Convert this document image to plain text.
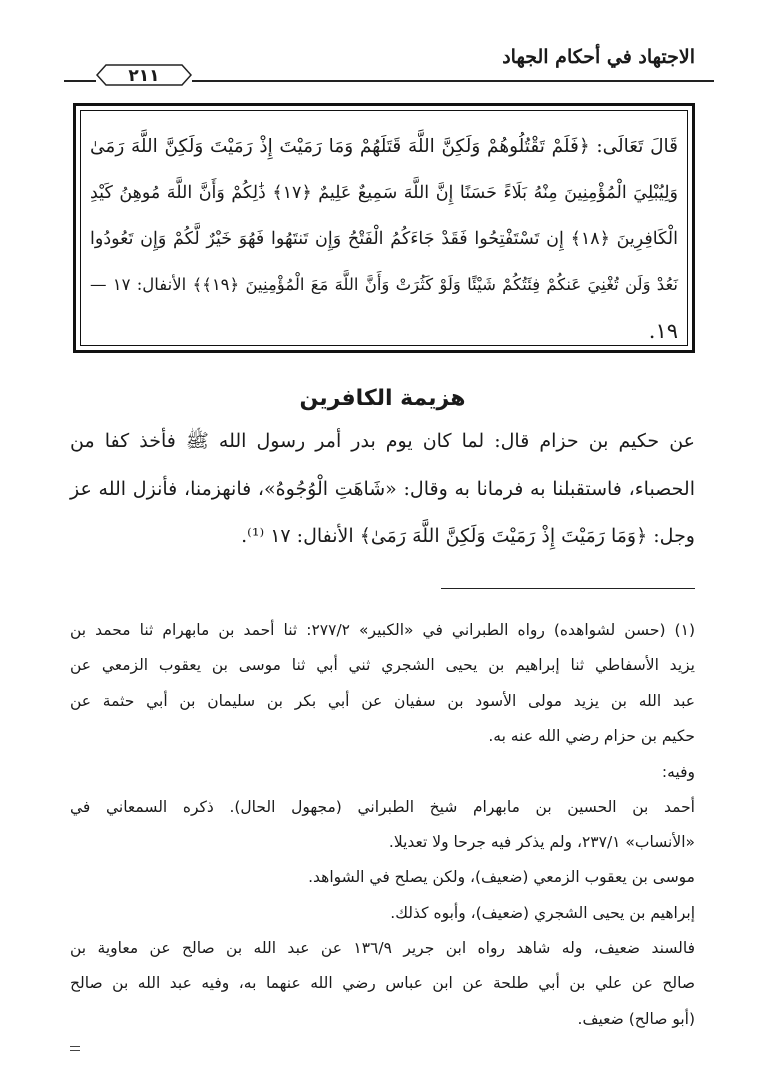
الاجتهاد في أحكام الجهاد
٢١١
قَالَ تَعَالَى: ﴿فَلَمْ تَقْتُلُوهُمْ وَلَكِنَّ اللَّهَ قَتَلَهُمْ وَمَا رَمَيْتَ إِذْ رَمَيْتَ وَلَكِنَّ اللَّهَ رَمَىٰ
وَلِيُبْلِيَ الْمُؤْمِنِينَ مِنْهُ بَلَاءً حَسَنًا إِنَّ اللَّهَ سَمِيعٌ عَلِيمٌ ﴿١٧﴾ ذَٰلِكُمْ وَأَنَّ اللَّهَ مُوهِنُ كَيْدِ
الْكَافِرِينَ ﴿١٨﴾ إِن تَسْتَفْتِحُوا فَقَدْ جَاءَكُمُ الْفَتْحُ وَإِن تَنتَهُوا فَهُوَ خَيْرٌ لَّكُمْ وَإِن تَعُودُوا
نَعُدْ وَلَن تُغْنِيَ عَنكُمْ فِئَتُكُمْ شَيْئًا وَلَوْ كَثُرَتْ وَأَنَّ اللَّهَ مَعَ الْمُؤْمِنِينَ ﴿١٩﴾﴾ الأنفال: ١٧ —
١٩.
هزيمة الكافرين
عن حكيم بن حزام قال: لما كان يوم بدر أمر رسول الله ﷺ فأخذ كفا من
الحصباء، فاستقبلنا به فرمانا به وقال: «شَاهَتِ الْوُجُوهُ»، فانهزمنا، فأنزل الله عز
وجل: ﴿وَمَا رَمَيْتَ إِذْ رَمَيْتَ وَلَكِنَّ اللَّهَ رَمَىٰ﴾ الأنفال: ١٧ ⁽¹⁾.
(١) (حسن لشواهده) رواه الطبراني في «الكبير» ٢٧٧/٢: ثنا أحمد بن مابهرام ثنا محمد بن
يزيد الأسفاطي ثنا إبراهيم بن يحيى الشجري ثني أبي ثنا موسى بن يعقوب الزمعي عن
عبد الله بن يزيد مولى الأسود بن سفيان عن أبي بكر بن سليمان بن أبي حثمة عن
حكيم بن حزام رضي الله عنه به.
وفيه:
أحمد بن الحسين بن مابهرام شيخ الطبراني (مجهول الحال). ذكره السمعاني في
«الأنساب» ٢٣٧/١، ولم يذكر فيه جرحا ولا تعديلا.
موسى بن يعقوب الزمعي (ضعيف)، ولكن يصلح في الشواهد.
إبراهيم بن يحيى الشجري (ضعيف)، وأبوه كذلك.
فالسند ضعيف، وله شاهد رواه ابن جرير ١٣٦/٩ عن عبد الله بن صالح عن معاوية بن
صالح عن علي بن أبي طلحة عن ابن عباس رضي الله عنهما به، وفيه عبد الله بن صالح
(أبو صالح) ضعيف.
